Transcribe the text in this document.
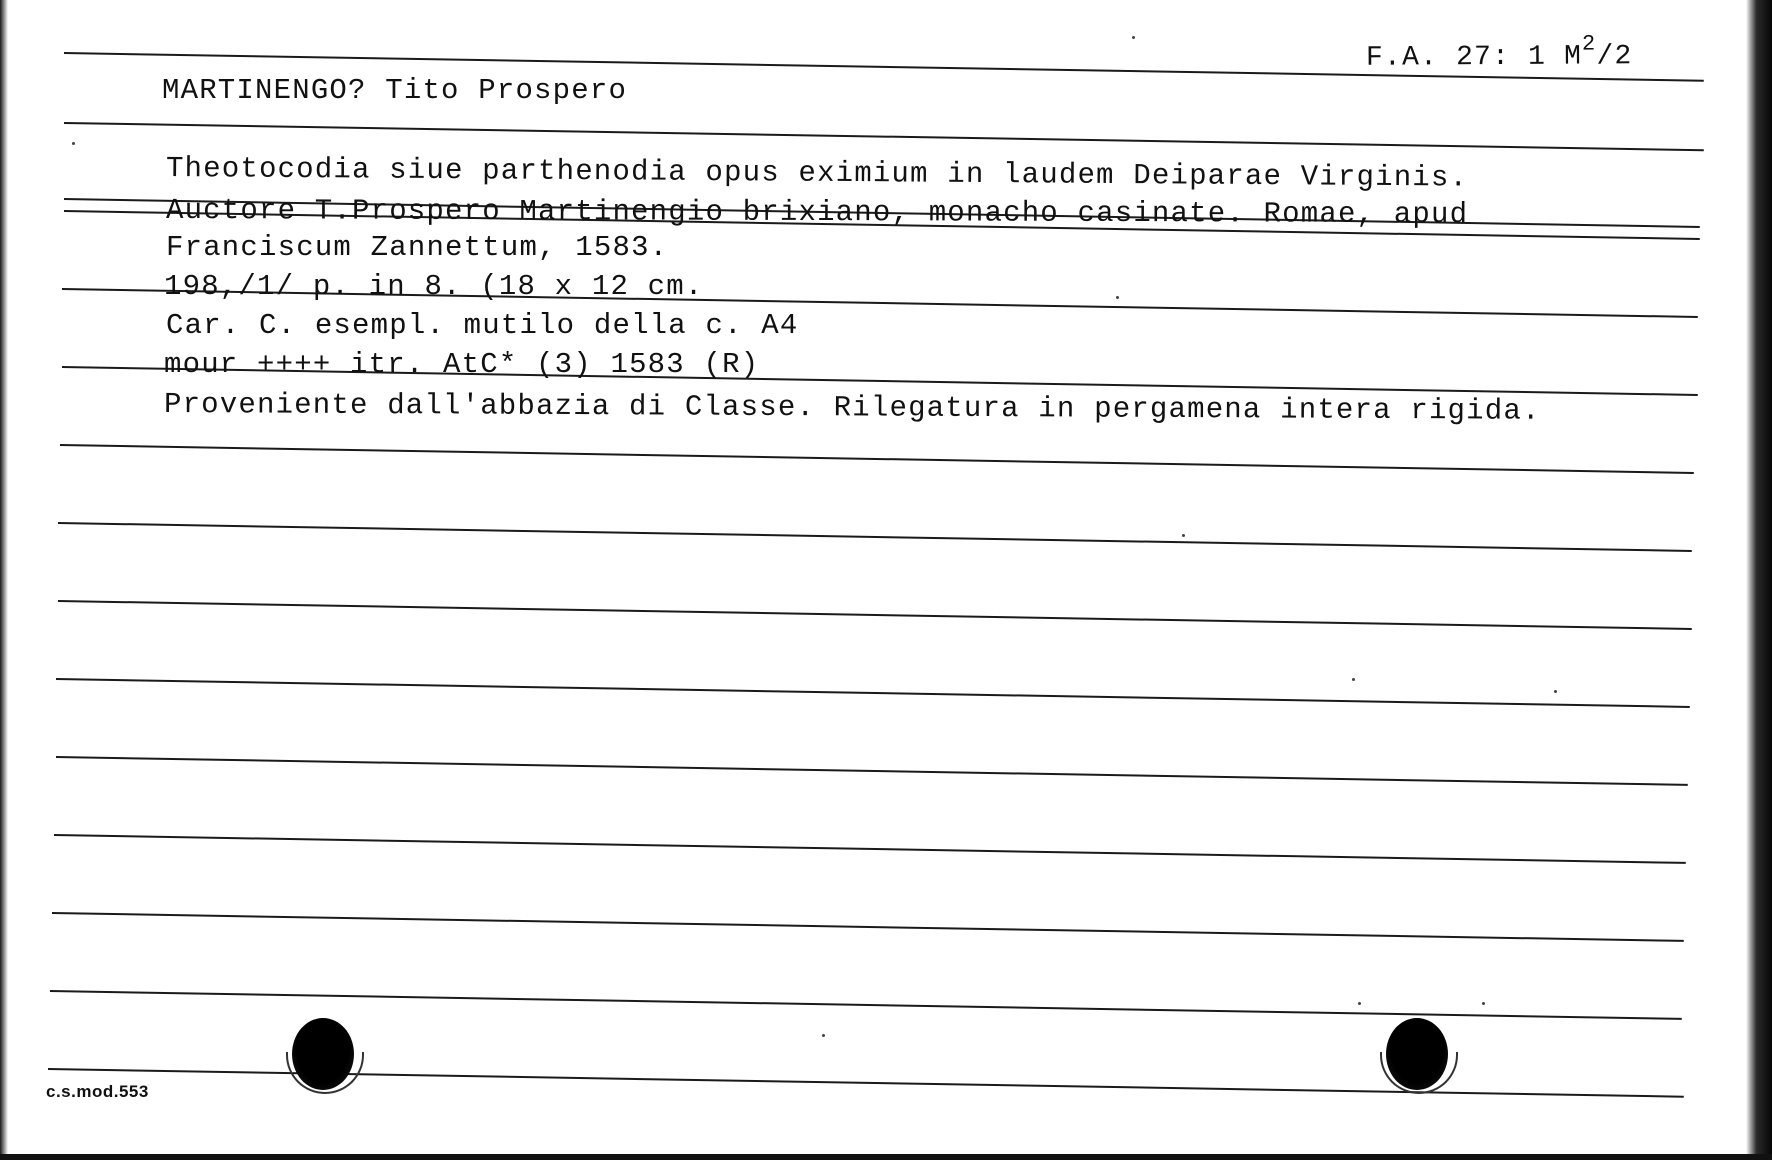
F.A. 27: 1 $M^2/2$
MARTINENGO? Tito Prospero
Theotocodia siue parthenodia opus eximium in laudem Deiparae Virginis.
Auctore T.Prospero Martinengio brixiano, monacho casinate. Romae, apud
Franciscum Zannettum, 1583.
198,/1/ p. in 8. (18 x 12 cm.
Car. C. esempl. mutilo della c. A4
mour ++++ itr. AtC* (3) 1583 (R)
Proveniente dall'abbazia di Classe. Rilegatura in pergamena intera rigida.
c.s.mod.553
